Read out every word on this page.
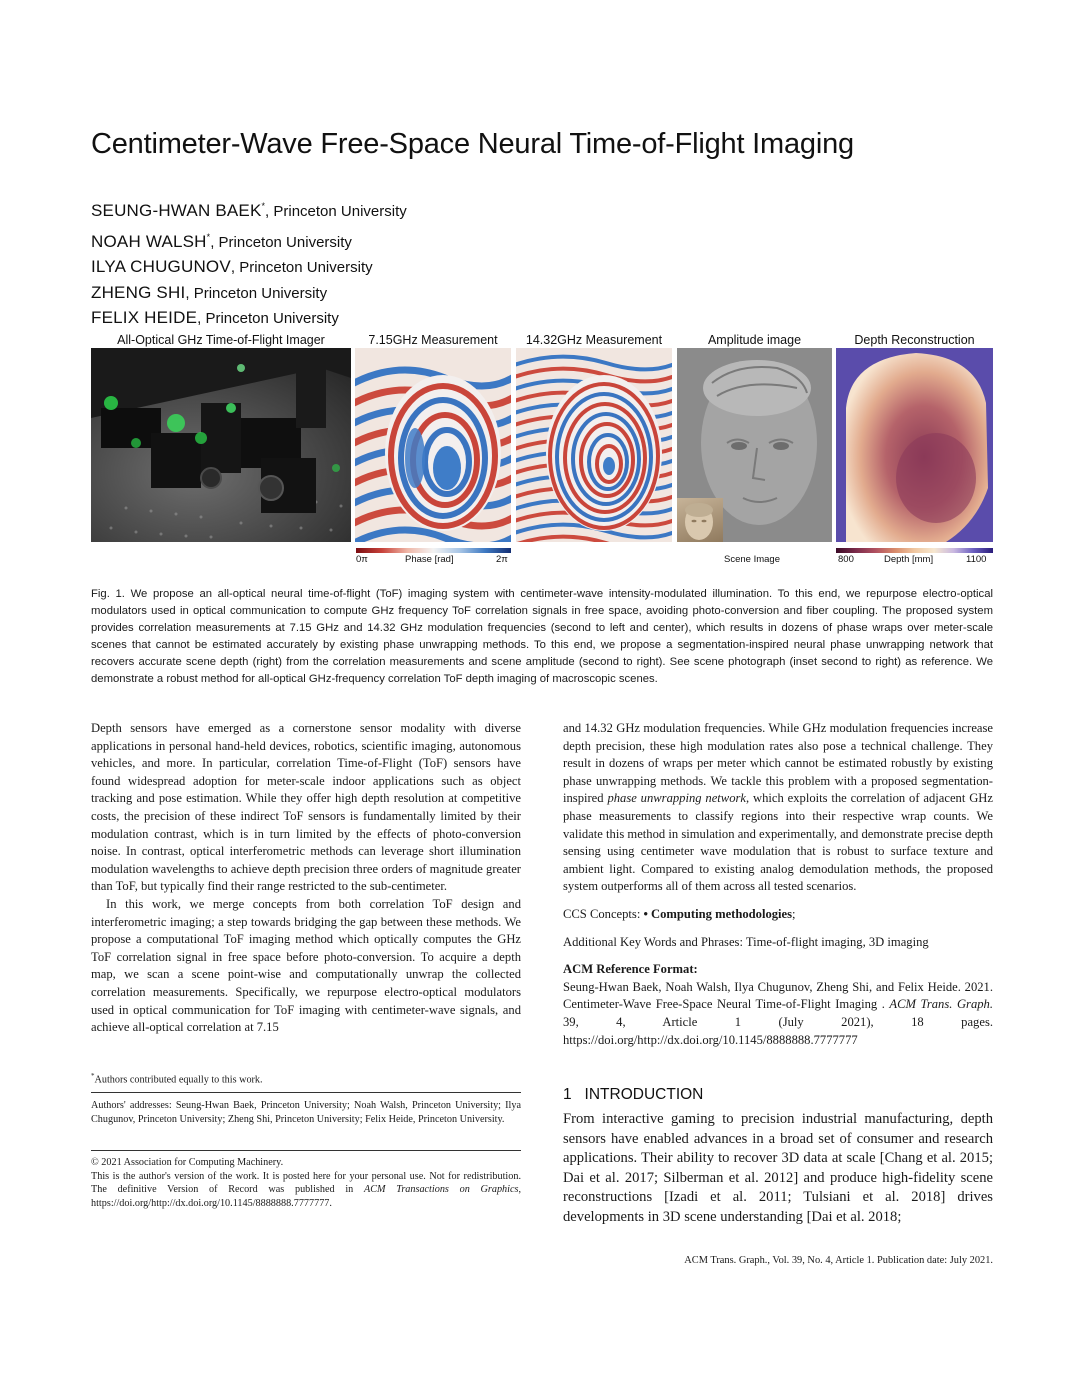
Centimeter-Wave Free-Space Neural Time-of-Flight Imaging
SEUNG-HWAN BAEK*, Princeton University
NOAH WALSH*, Princeton University
ILYA CHUGUNOV, Princeton University
ZHENG SHI, Princeton University
FELIX HEIDE, Princeton University
All-Optical GHz Time-of-Flight Imager	7.15GHz Measurement	14.32GHz Measurement	Amplitude image	Depth Reconstruction
0π	Phase [rad]	2π	Scene Image	800	Depth [mm]	1100
Fig. 1. We propose an all-optical neural time-of-flight (ToF) imaging system with centimeter-wave intensity-modulated illumination. To this end, we repurpose electro-optical modulators used in optical communication to compute GHz frequency ToF correlation signals in free space, avoiding photo-conversion and fiber coupling. The proposed system provides correlation measurements at 7.15 GHz and 14.32 GHz modulation frequencies (second to left and center), which results in dozens of phase wraps over meter-scale scenes that cannot be estimated accurately by existing phase unwrapping methods. To this end, we propose a segmentation-inspired neural phase unwrapping network that recovers accurate scene depth (right) from the correlation measurements and scene amplitude (second to right). See scene photograph (inset second to right) as reference. We demonstrate a robust method for all-optical GHz-frequency correlation ToF depth imaging of macroscopic scenes.

Depth sensors have emerged as a cornerstone sensor modality with diverse applications in personal hand-held devices, robotics, scientific imaging, autonomous vehicles, and more. In particular, correlation Time-of-Flight (ToF) sensors have found widespread adoption for meter-scale indoor applications such as object tracking and pose estimation. While they offer high depth resolution at competitive costs, the precision of these indirect ToF sensors is fundamentally limited by their modulation contrast, which is in turn limited by the effects of photo-conversion noise. In contrast, optical interferometric methods can leverage short illumination modulation wavelengths to achieve depth precision three orders of magnitude greater than ToF, but typically find their range restricted to the sub-centimeter.

In this work, we merge concepts from both correlation ToF design and interferometric imaging; a step towards bridging the gap between these methods. We propose a computational ToF imaging method which optically computes the GHz ToF correlation signal in free space before photo-conversion. To acquire a depth map, we scan a scene point-wise and computationally unwrap the collected correlation measurements. Specifically, we repurpose electro-optical modulators used in optical communication for ToF imaging with centimeter-wave signals, and achieve all-optical correlation at 7.15

*Authors contributed equally to this work.
Authors' addresses: Seung-Hwan Baek, Princeton University; Noah Walsh, Princeton University; Ilya Chugunov, Princeton University; Zheng Shi, Princeton University; Felix Heide, Princeton University.
© 2021 Association for Computing Machinery.
This is the author's version of the work. It is posted here for your personal use. Not for redistribution. The definitive Version of Record was published in ACM Transactions on Graphics, https://doi.org/http://dx.doi.org/10.1145/8888888.7777777.

and 14.32 GHz modulation frequencies. While GHz modulation frequencies increase depth precision, these high modulation rates also pose a technical challenge. They result in dozens of wraps per meter which cannot be estimated robustly by existing phase unwrapping methods. We tackle this problem with a proposed segmentation-inspired phase unwrapping network, which exploits the correlation of adjacent GHz phase measurements to classify regions into their respective wrap counts. We validate this method in simulation and experimentally, and demonstrate precise depth sensing using centimeter wave modulation that is robust to surface texture and ambient light. Compared to existing analog demodulation methods, the proposed system outperforms all of them across all tested scenarios.

CCS Concepts: • Computing methodologies;

Additional Key Words and Phrases: Time-of-flight imaging, 3D imaging

ACM Reference Format:

Seung-Hwan Baek, Noah Walsh, Ilya Chugunov, Zheng Shi, and Felix Heide. 2021. Centimeter-Wave Free-Space Neural Time-of-Flight Imaging . ACM Trans. Graph. 39, 4, Article 1 (July 2021), 18 pages. https://doi.org/http://dx.doi.org/10.1145/8888888.7777777

1 INTRODUCTION
From interactive gaming to precision industrial manufacturing, depth sensors have enabled advances in a broad set of consumer and research applications. Their ability to recover 3D data at scale [Chang et al. 2015; Dai et al. 2017; Silberman et al. 2012] and produce high-fidelity scene reconstructions [Izadi et al. 2011; Tulsiani et al. 2018] drives developments in 3D scene understanding [Dai et al. 2018;
ACM Trans. Graph., Vol. 39, No. 4, Article 1. Publication date: July 2021.
